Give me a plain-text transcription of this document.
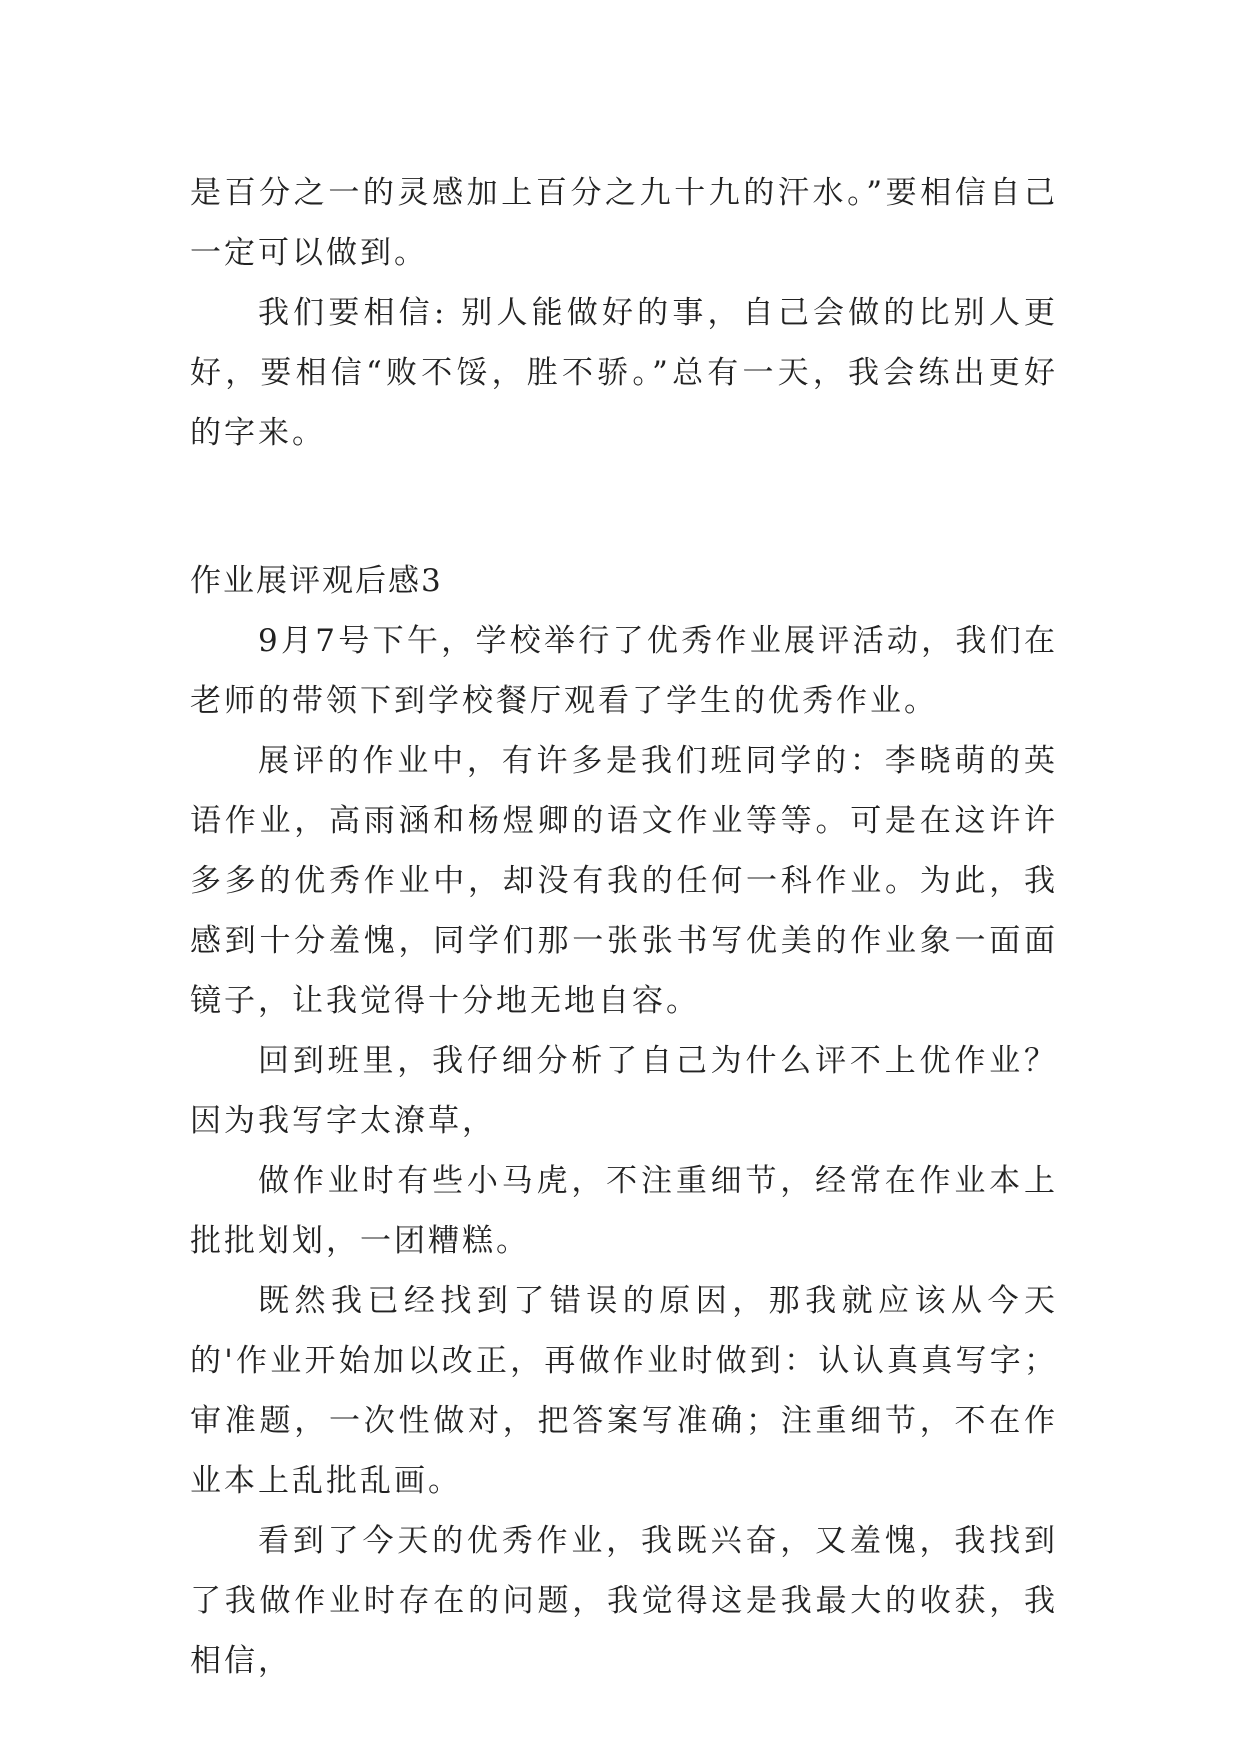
是百分之一的灵感加上百分之九十九的汗水。”要相信自己一定可以做到。

我们要相信: 别人能做好的事，自己会做的比别人更好，要相信“败不馁，胜不骄。”总有一天，我会练出更好的字来。

作业展评观后感3

9月7号下午，学校举行了优秀作业展评活动，我们在老师的带领下到学校餐厅观看了学生的优秀作业。

展评的作业中，有许多是我们班同学的：李晓萌的英语作业，高雨涵和杨煜卿的语文作业等等。可是在这许许多多的优秀作业中，却没有我的任何一科作业。为此，我感到十分羞愧，同学们那一张张书写优美的作业象一面面镜子，让我觉得十分地无地自容。

回到班里，我仔细分析了自己为什么评不上优作业？因为我写字太潦草，

做作业时有些小马虎，不注重细节，经常在作业本上批批划划，一团糟糕。

既然我已经找到了错误的原因，那我就应该从今天的'作业开始加以改正，再做作业时做到：认认真真写字；审准题，一次性做对，把答案写准确；注重细节，不在作业本上乱批乱画。

看到了今天的优秀作业，我既兴奋，又羞愧，我找到了我做作业时存在的问题，我觉得这是我最大的收获，我相信，
